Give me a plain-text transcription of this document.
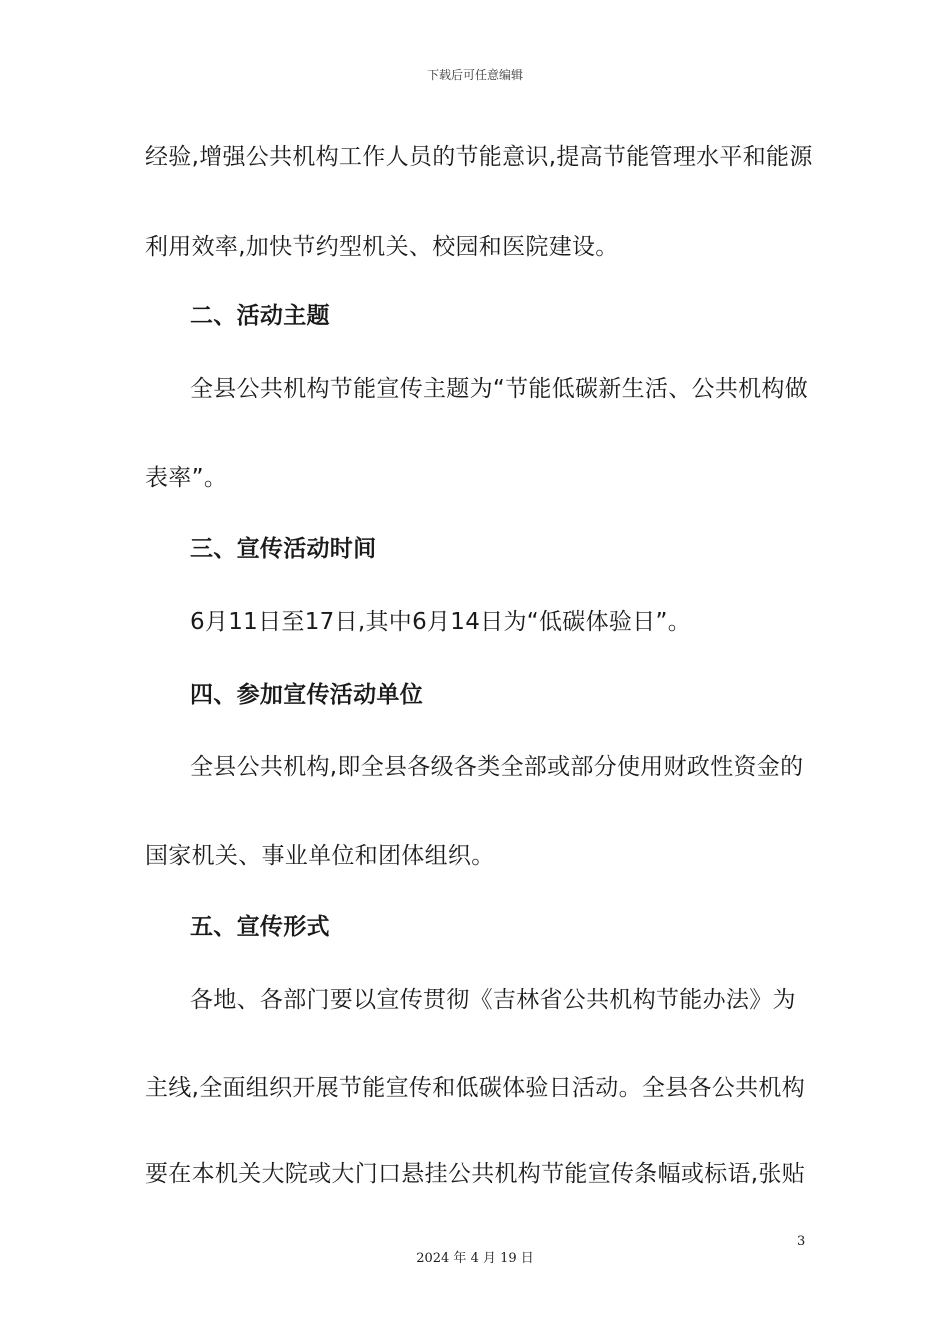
下载后可任意编辑
经验,增强公共机构工作人员的节能意识,提高节能管理水平和能源
利用效率,加快节约型机关、校园和医院建设。
二、活动主题
全县公共机构节能宣传主题为“节能低碳新生活、公共机构做
表率”。
三、宣传活动时间
6月11日至17日,其中6月14日为“低碳体验日”。
四、参加宣传活动单位
全县公共机构,即全县各级各类全部或部分使用财政性资金的
国家机关、事业单位和团体组织。
五、宣传形式
各地、各部门要以宣传贯彻《吉林省公共机构节能办法》为
主线,全面组织开展节能宣传和低碳体验日活动。全县各公共机构
要在本机关大院或大门口悬挂公共机构节能宣传条幅或标语,张贴
3
2024 年 4 月 19 日
